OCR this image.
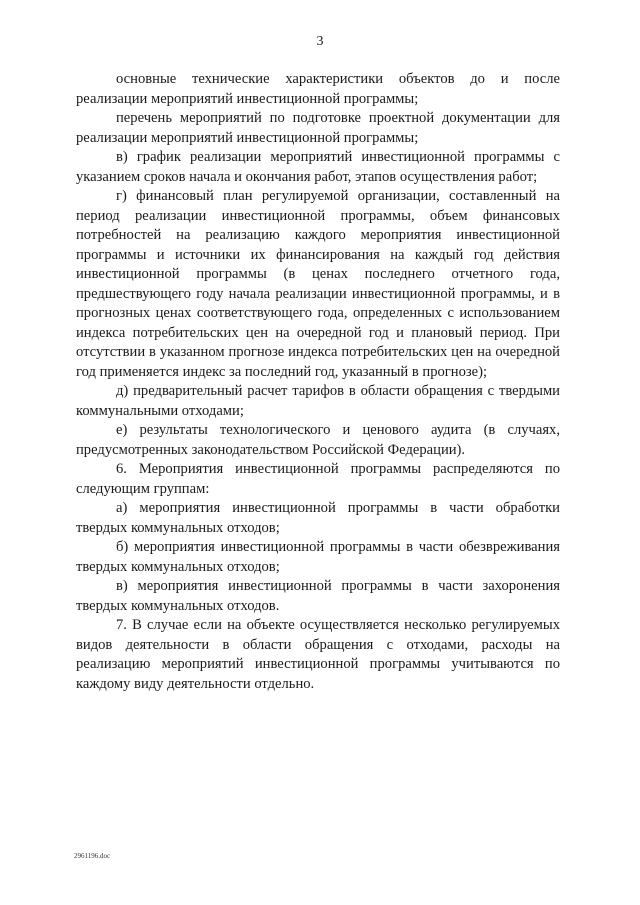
3

основные технические характеристики объектов до и после реализации мероприятий инвестиционной программы;

перечень мероприятий по подготовке проектной документации для реализации мероприятий инвестиционной программы;

в) график реализации мероприятий инвестиционной программы с указанием сроков начала и окончания работ, этапов осуществления работ;

г) финансовый план регулируемой организации, составленный на период реализации инвестиционной программы, объем финансовых потребностей на реализацию каждого мероприятия инвестиционной программы и источники их финансирования на каждый год действия инвестиционной программы (в ценах последнего отчетного года, предшествующего году начала реализации инвестиционной программы, и в прогнозных ценах соответствующего года, определенных с использованием индекса потребительских цен на очередной год и плановый период. При отсутствии в указанном прогнозе индекса потребительских цен на очередной год применяется индекс за последний год, указанный в прогнозе);

д) предварительный расчет тарифов в области обращения с твердыми коммунальными отходами;

е) результаты технологического и ценового аудита (в случаях, предусмотренных законодательством Российской Федерации).

6. Мероприятия инвестиционной программы распределяются по следующим группам:

а) мероприятия инвестиционной программы в части обработки твердых коммунальных отходов;

б) мероприятия инвестиционной программы в части обезвреживания твердых коммунальных отходов;

в) мероприятия инвестиционной программы в части захоронения твердых коммунальных отходов.

7. В случае если на объекте осуществляется несколько регулируемых видов деятельности в области обращения с отходами, расходы на реализацию мероприятий инвестиционной программы учитываются по каждому виду деятельности отдельно.

2961196.doc
